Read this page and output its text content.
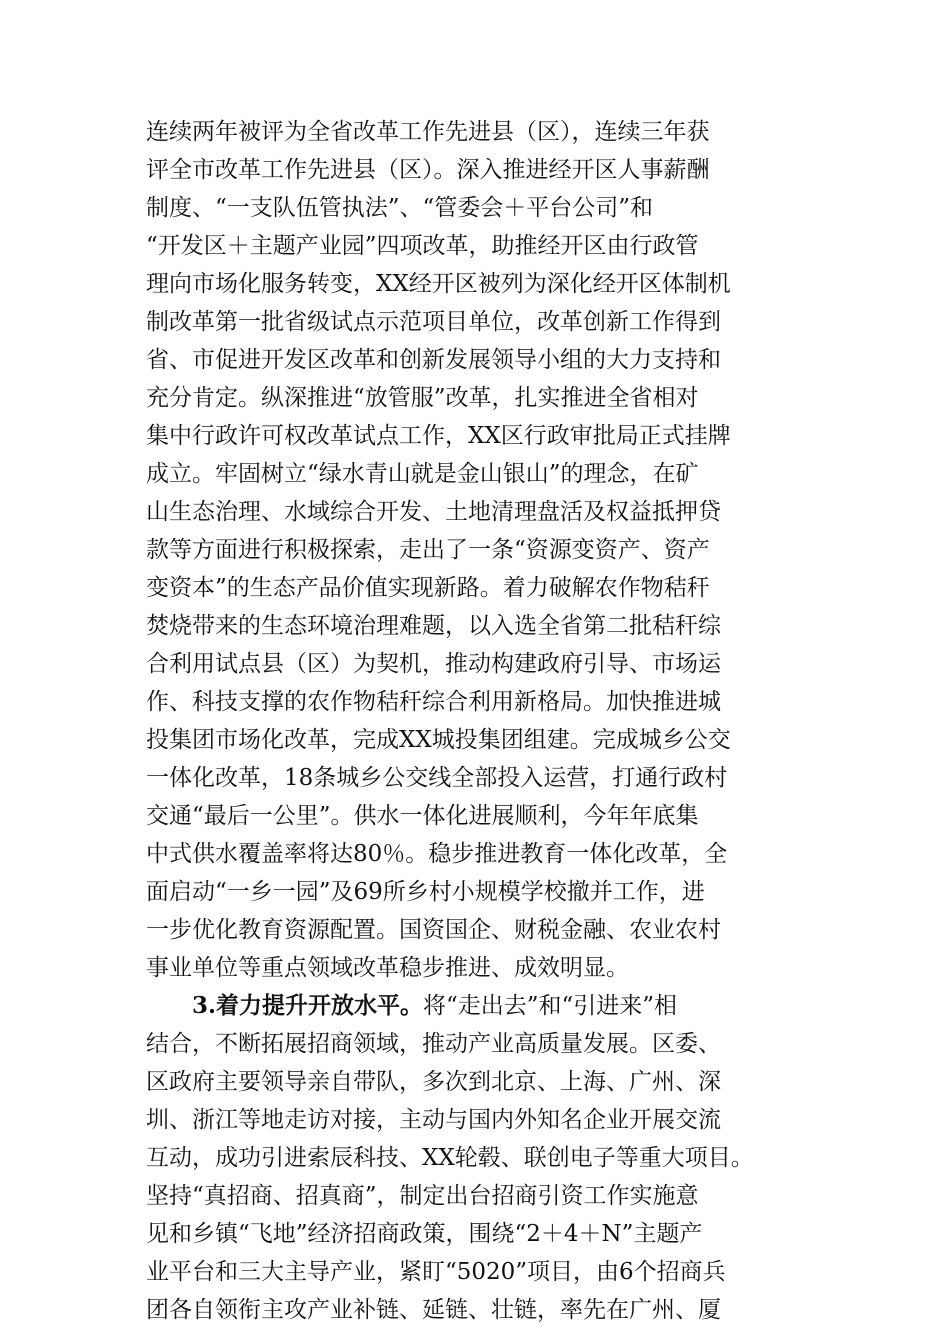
连续两年被评为全省改革工作先进县（区），连续三年获
评全市改革工作先进县（区）。深入推进经开区人事薪酬
制度、“一支队伍管执法”、“管委会＋平台公司”和
“开发区＋主题产业园”四项改革，助推经开区由行政管
理向市场化服务转变，XX经开区被列为深化经开区体制机
制改革第一批省级试点示范项目单位，改革创新工作得到
省、市促进开发区改革和创新发展领导小组的大力支持和
充分肯定。纵深推进“放管服”改革，扎实推进全省相对
集中行政许可权改革试点工作，XX区行政审批局正式挂牌
成立。牢固树立“绿水青山就是金山银山”的理念，在矿
山生态治理、水域综合开发、土地清理盘活及权益抵押贷
款等方面进行积极探索，走出了一条“资源变资产、资产
变资本”的生态产品价值实现新路。着力破解农作物秸秆
焚烧带来的生态环境治理难题，以入选全省第二批秸秆综
合利用试点县（区）为契机，推动构建政府引导、市场运
作、科技支撑的农作物秸秆综合利用新格局。加快推进城
投集团市场化改革，完成XX城投集团组建。完成城乡公交
一体化改革，18条城乡公交线全部投入运营，打通行政村
交通“最后一公里”。供水一体化进展顺利，今年年底集
中式供水覆盖率将达80％。稳步推进教育一体化改革，全
面启动“一乡一园”及69所乡村小规模学校撤并工作，进
一步优化教育资源配置。国资国企、财税金融、农业农村
事业单位等重点领域改革稳步推进、成效明显。
3.着力提升开放水平。将“走出去”和“引进来”相
结合，不断拓展招商领域，推动产业高质量发展。区委、
区政府主要领导亲自带队，多次到北京、上海、广州、深
圳、浙江等地走访对接，主动与国内外知名企业开展交流
互动，成功引进索辰科技、XX轮毂、联创电子等重大项目。
坚持“真招商、招真商”，制定出台招商引资工作实施意
见和乡镇“飞地”经济招商政策，围绕“2＋4＋N”主题产
业平台和三大主导产业，紧盯“5020”项目，由6个招商兵
团各自领衔主攻产业补链、延链、壮链，率先在广州、厦
